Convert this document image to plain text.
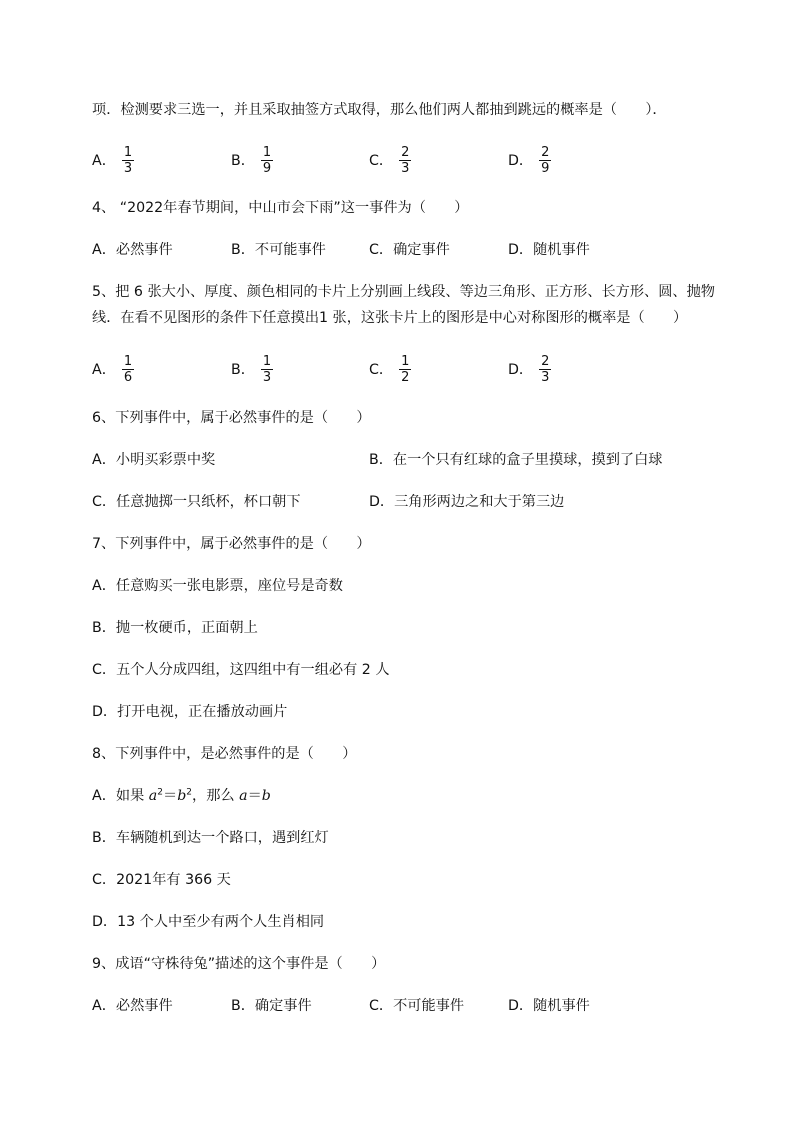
项．检测要求三选一，并且采取抽签方式取得，那么他们两人都抽到跳远的概率是（　　）．
A． $\frac{1}{3}$	B． $\frac{1}{9}$	C． $\frac{2}{3}$	D． $\frac{2}{9}$
4、 “2022年春节期间，中山市会下雨”这一事件为（　　）
A．必然事件	B．不可能事件	C．确定事件	D．随机事件
5、把 6 张大小、厚度、颜色相同的卡片上分别画上线段、等边三角形、正方形、长方形、圆、抛物
线．在看不见图形的条件下任意摸出1 张，这张卡片上的图形是中心对称图形的概率是（　　）
A． $\frac{1}{6}$	B． $\frac{1}{3}$	C． $\frac{1}{2}$	D． $\frac{2}{3}$
6、下列事件中，属于必然事件的是（　　）
A．小明买彩票中奖	B．在一个只有红球的盒子里摸球，摸到了白球
C．任意抛掷一只纸杯，杯口朝下	D．三角形两边之和大于第三边
7、下列事件中，属于必然事件的是（　　）
A．任意购买一张电影票，座位号是奇数
B．抛一枚硬币，正面朝上
C．五个人分成四组，这四组中有一组必有 2 人
D．打开电视，正在播放动画片
8、下列事件中，是必然事件的是（　　）
A．如果 $a^2=b^2$，那么 a＝b
B．车辆随机到达一个路口，遇到红灯
C．2021年有 366 天
D．13 个人中至少有两个人生肖相同
9、成语“守株待兔”描述的这个事件是（　　）
A．必然事件	B．确定事件	C．不可能事件	D．随机事件
